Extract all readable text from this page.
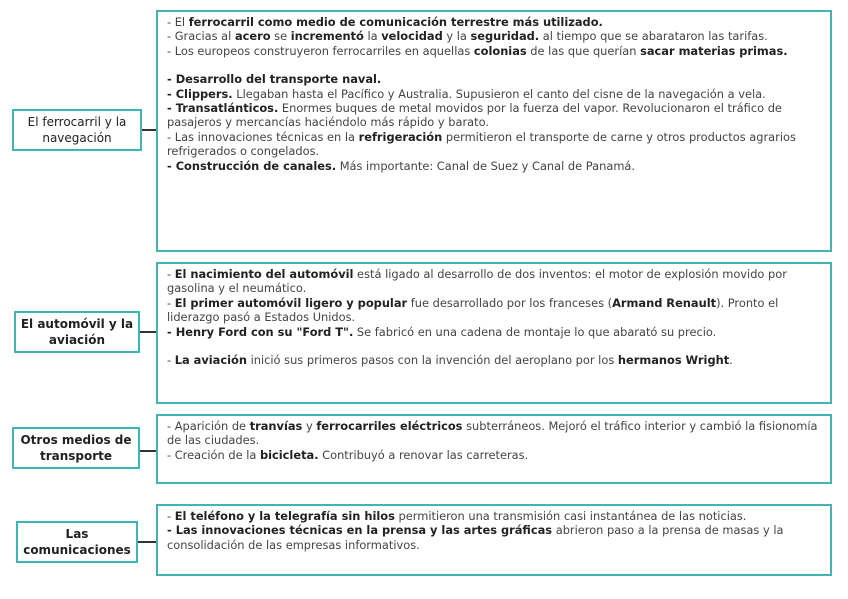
El ferrocarril y la navegación

- El ferrocarril como medio de comunicación terrestre más utilizado.

- Gracias al acero se incrementó la velocidad y la seguridad. al tiempo que se abarataron las tarifas.

- Los europeos construyeron ferrocarriles en aquellas colonias de las que querían sacar materias primas.

- Desarrollo del transporte naval.

- Clippers. Llegaban hasta el Pacífico y Australia. Supusieron el canto del cisne de la navegación a vela.

- Transatlánticos. Enormes buques de metal movidos por la fuerza del vapor. Revolucionaron el tráfico de pasajeros y mercancías haciéndolo más rápido y barato.

- Las innovaciones técnicas en la refrigeración permitieron el transporte de carne y otros productos agrarios refrigerados o congelados.

- Construcción de canales. Más importante: Canal de Suez y Canal de Panamá.

El automóvil y la aviación

- El nacimiento del automóvil está ligado al desarrollo de dos inventos: el motor de explosión movido por gasolina y el neumático.

- El primer automóvil ligero y popular fue desarrollado por los franceses (Armand Renault). Pronto el liderazgo pasó a Estados Unidos.

- Henry Ford con su "Ford T". Se fabricó en una cadena de montaje lo que abarató su precio.

- La aviación inició sus primeros pasos con la invención del aeroplano por los hermanos Wright.

Otros medios de transporte

- Aparición de tranvías y ferrocarriles eléctricos subterráneos. Mejoró el tráfico interior y cambió la fisionomía de las ciudades.

- Creación de la bicicleta. Contribuyó a renovar las carreteras.

Las comunicaciones

- El teléfono y la telegrafía sin hilos permitieron una transmisión casi instantánea de las noticias.

- Las innovaciones técnicas en la prensa y las artes gráficas abrieron paso a la prensa de masas y la consolidación de las empresas informativos.
